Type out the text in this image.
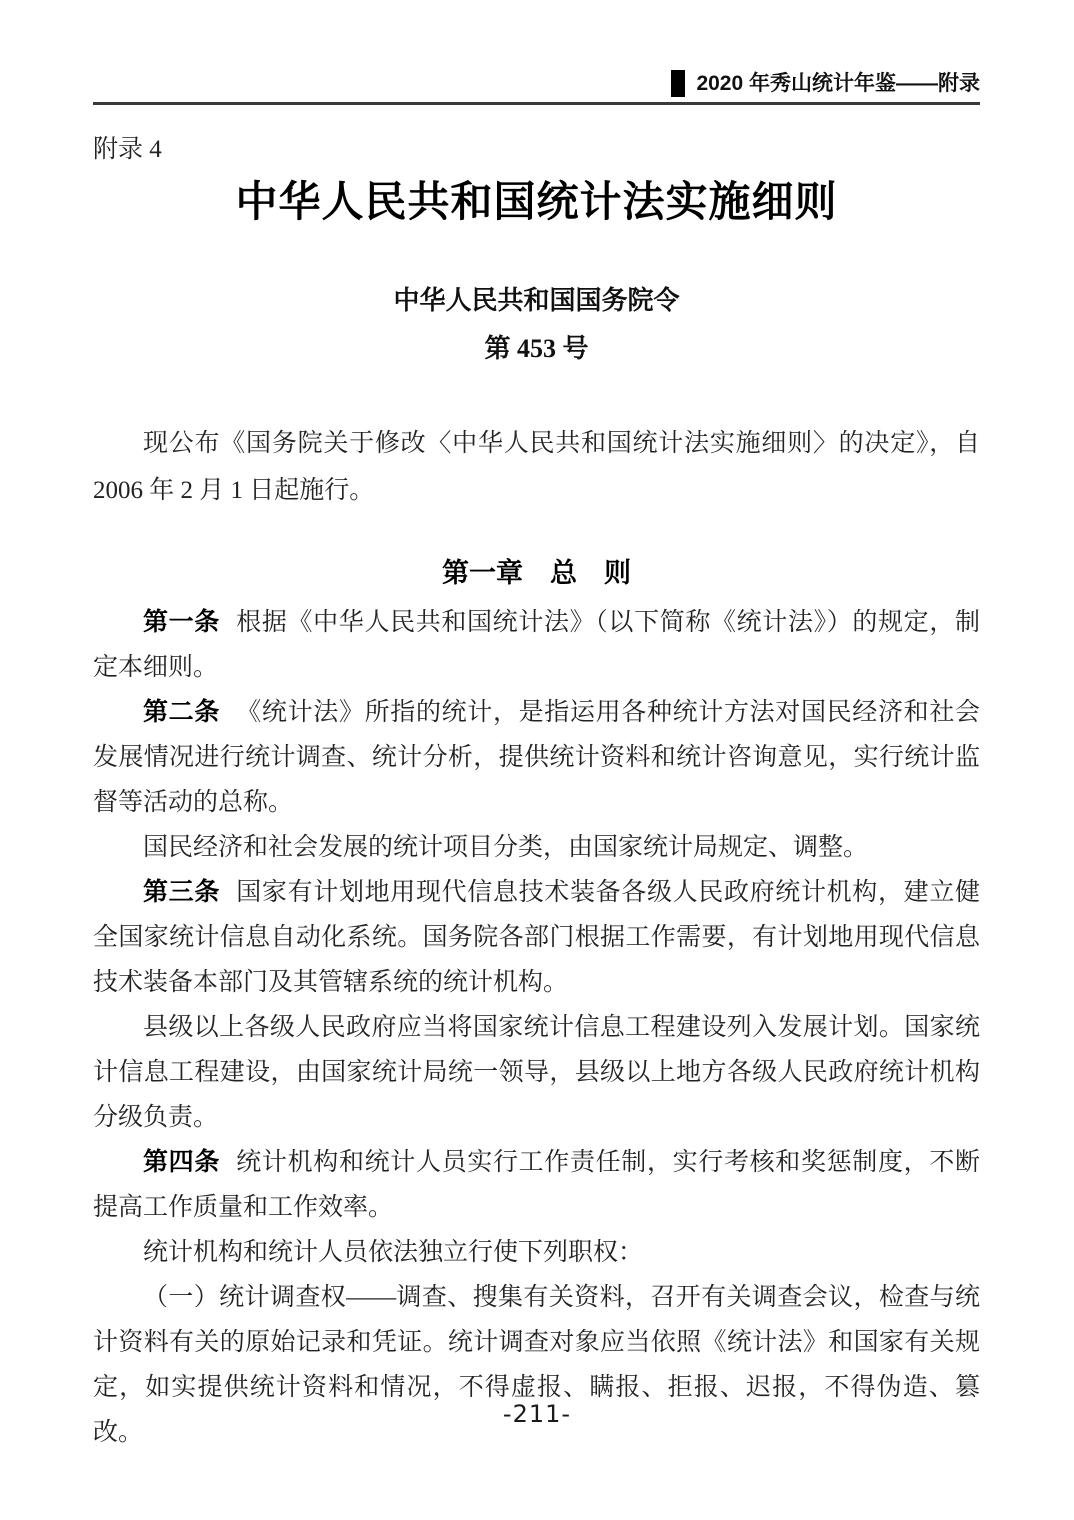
2020 年秀山统计年鉴——附录
附录 4
中华人民共和国统计法实施细则
中华人民共和国国务院令
第 453 号

现公布《国务院关于修改〈中华人民共和国统计法实施细则〉的决定》，自 2006 年 2 月 1 日起施行。

第一章　总　则

第一条 根据《中华人民共和国统计法》（以下简称《统计法》）的规定，制定本细则。

第二条 《统计法》所指的统计，是指运用各种统计方法对国民经济和社会发展情况进行统计调查、统计分析，提供统计资料和统计咨询意见，实行统计监督等活动的总称。

国民经济和社会发展的统计项目分类，由国家统计局规定、调整。

第三条 国家有计划地用现代信息技术装备各级人民政府统计机构，建立健全国家统计信息自动化系统。国务院各部门根据工作需要，有计划地用现代信息技术装备本部门及其管辖系统的统计机构。

县级以上各级人民政府应当将国家统计信息工程建设列入发展计划。国家统计信息工程建设，由国家统计局统一领导，县级以上地方各级人民政府统计机构分级负责。

第四条 统计机构和统计人员实行工作责任制，实行考核和奖惩制度，不断提高工作质量和工作效率。

统计机构和统计人员依法独立行使下列职权：

（一）统计调查权——调查、搜集有关资料，召开有关调查会议，检查与统计资料有关的原始记录和凭证。统计调查对象应当依照《统计法》和国家有关规定，如实提供统计资料和情况，不得虚报、瞒报、拒报、迟报，不得伪造、篡改。

-211-
